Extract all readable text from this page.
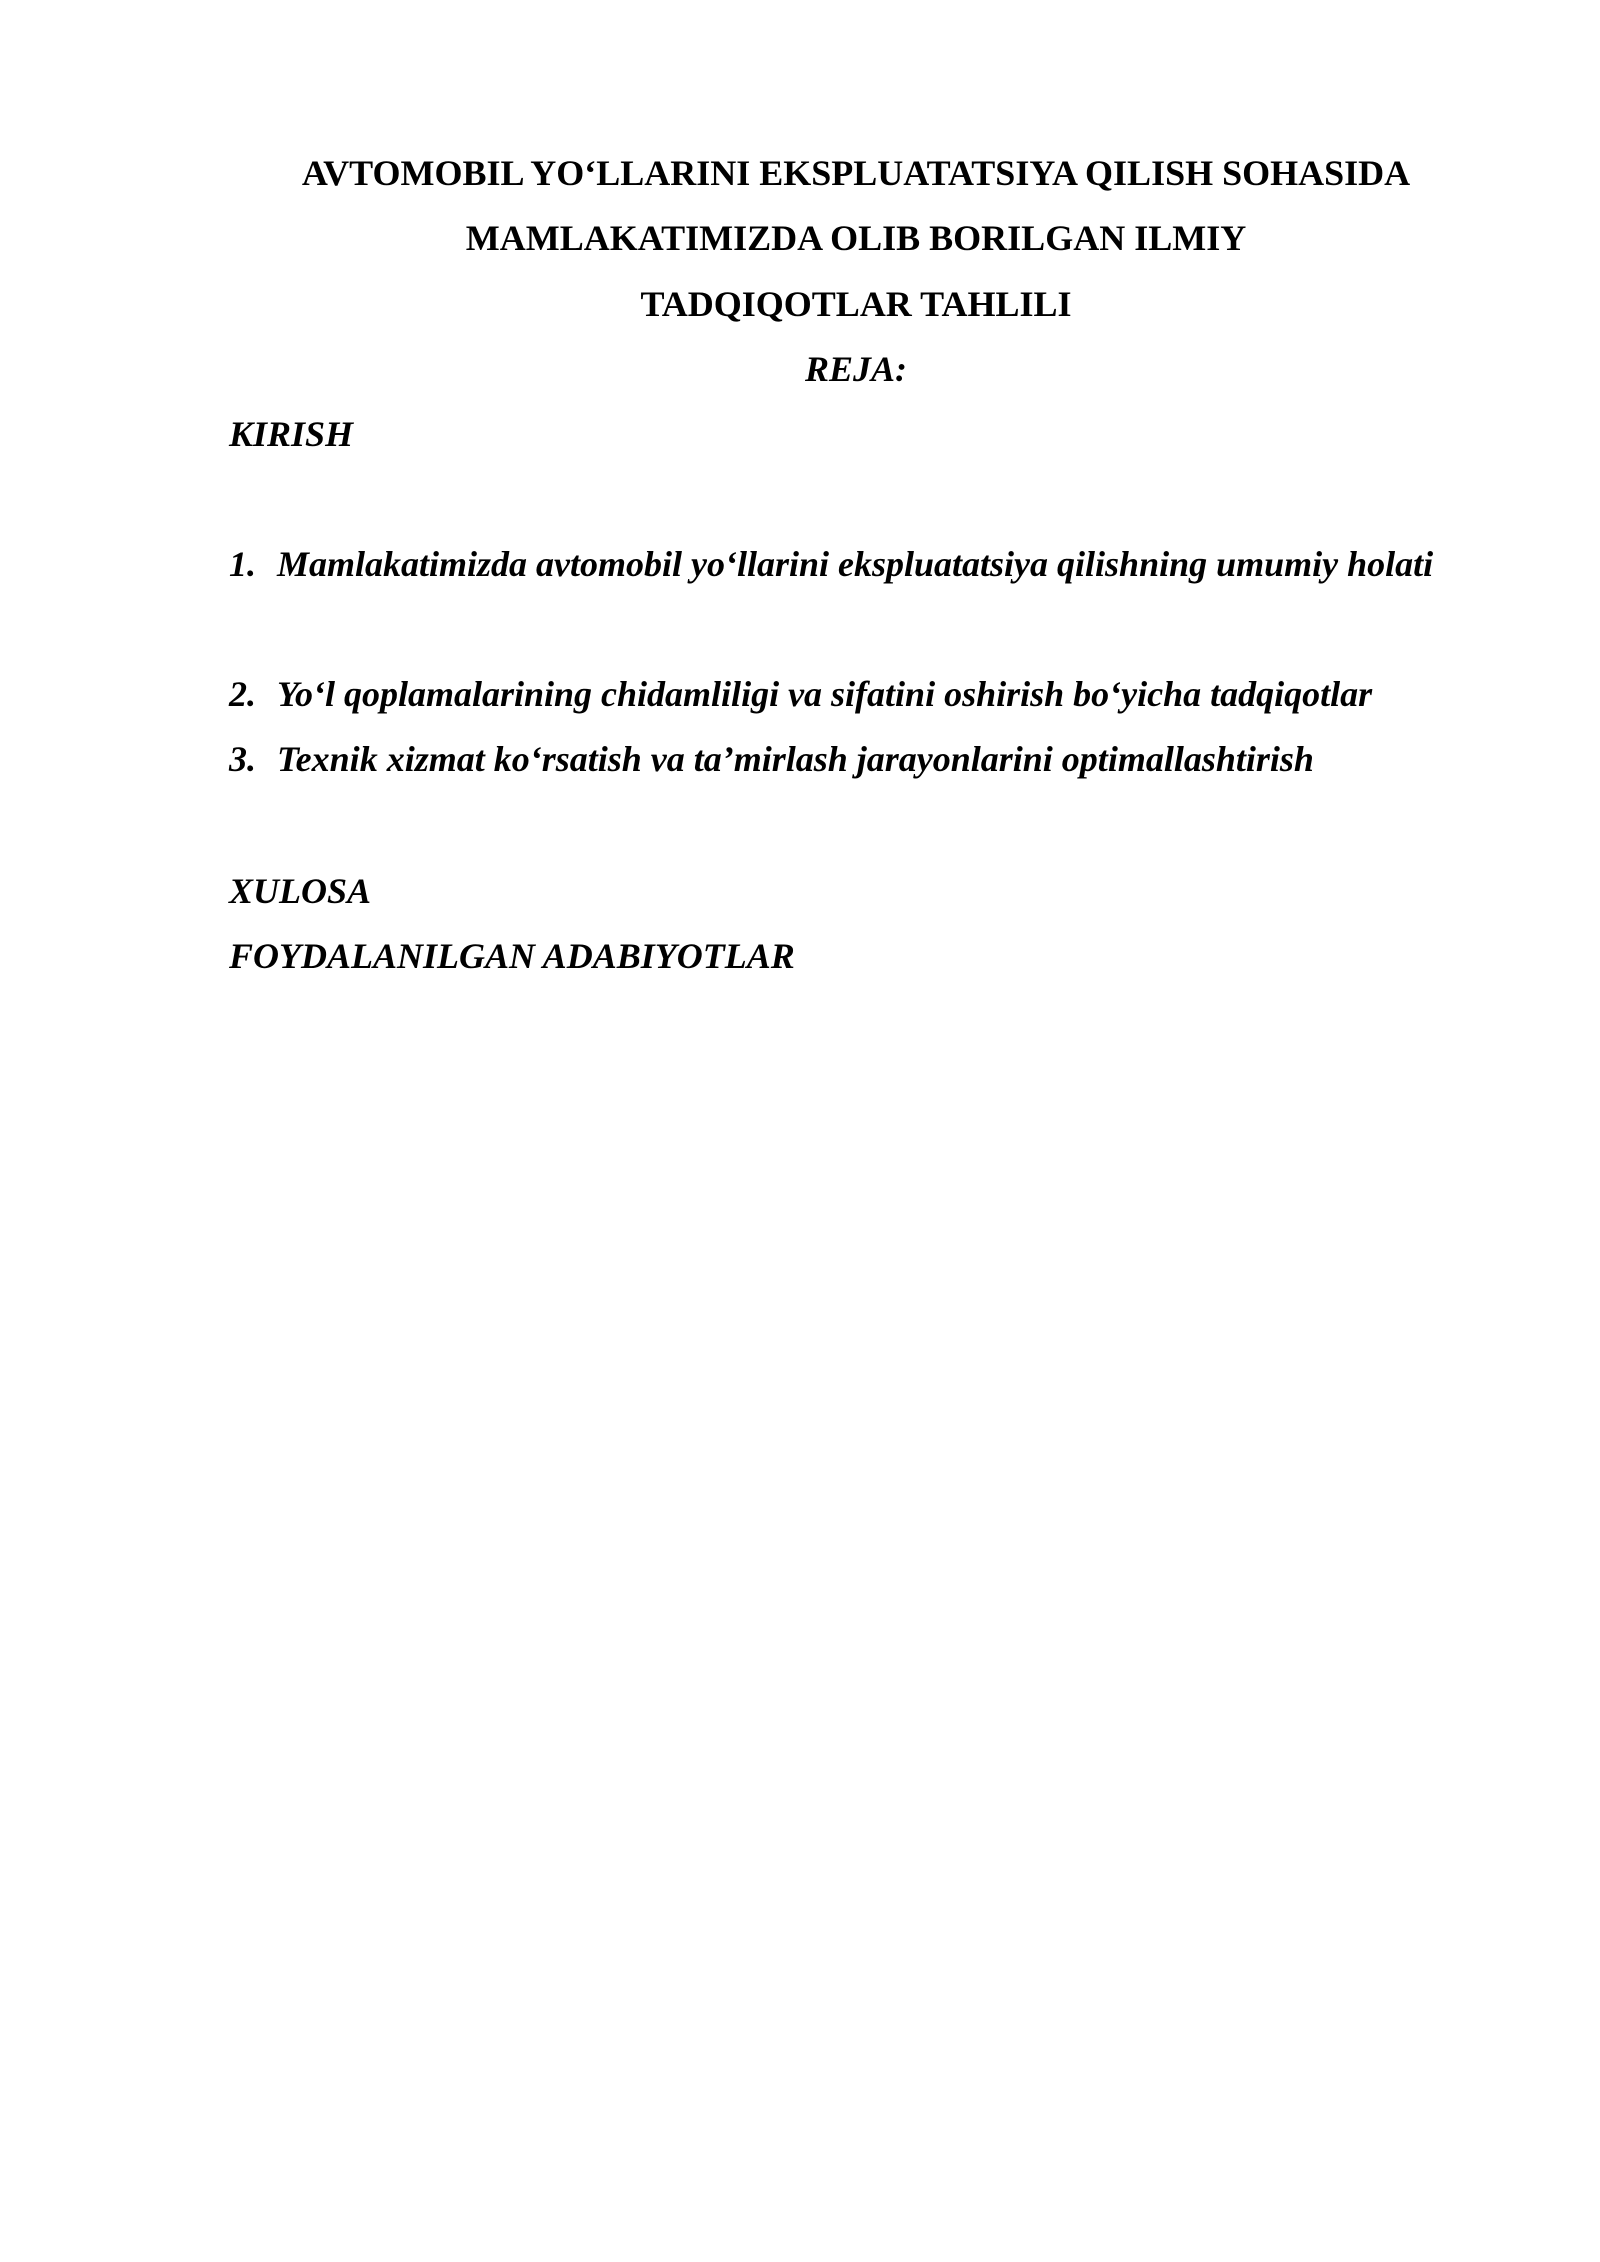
AVTOMOBIL YO‘LLARINI EKSPLUATATSIYA QILISH SOHASIDA
MAMLAKATIMIZDA OLIB BORILGAN ILMIY
TADQIQOTLAR TAHLILI
REJA:
KIRISH
1. Mamlakatimizda avtomobil yo‘llarini ekspluatatsiya qilishning umumiy holati
2. Yo‘l qoplamalarining chidamliligi va sifatini oshirish bo‘yicha tadqiqotlar
3. Texnik xizmat ko‘rsatish va ta’mirlash jarayonlarini optimallashtirish
XULOSA
FOYDALANILGAN ADABIYOTLAR
